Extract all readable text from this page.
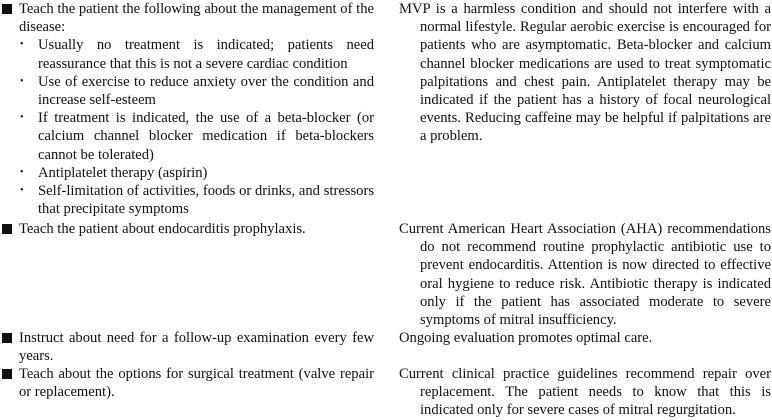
Teach the patient the following about the management of the disease:
• Usually no treatment is indicated; patients need reassurance that this is not a severe cardiac condition
• Use of exercise to reduce anxiety over the condition and increase self-esteem
• If treatment is indicated, the use of a beta-blocker (or calcium channel blocker medication if beta-blockers cannot be tolerated)
• Antiplatelet therapy (aspirin)
• Self-limitation of activities, foods or drinks, and stressors that precipitate symptoms
MVP is a harmless condition and should not interfere with a normal lifestyle. Regular aerobic exercise is encouraged for patients who are asymptomatic. Beta-blocker and calcium channel blocker medications are used to treat symptomatic palpitations and chest pain. Antiplatelet therapy may be indicated if the patient has a history of focal neurological events. Reducing caffeine may be helpful if palpitations are a problem.
Teach the patient about endocarditis prophylaxis.	Current American Heart Association (AHA) recommendations do not recommend routine prophylactic antibiotic use to prevent endocarditis. Attention is now directed to effective oral hygiene to reduce risk. Antibiotic therapy is indicated only if the patient has associated moderate to severe symptoms of mitral insufficiency.
Instruct about need for a follow-up examination every few years.
Ongoing evaluation promotes optimal care.
Teach about the options for surgical treatment (valve repair or replacement).
Current clinical practice guidelines recommend repair over replacement. The patient needs to know that this is indicated only for severe cases of mitral regurgitation.
